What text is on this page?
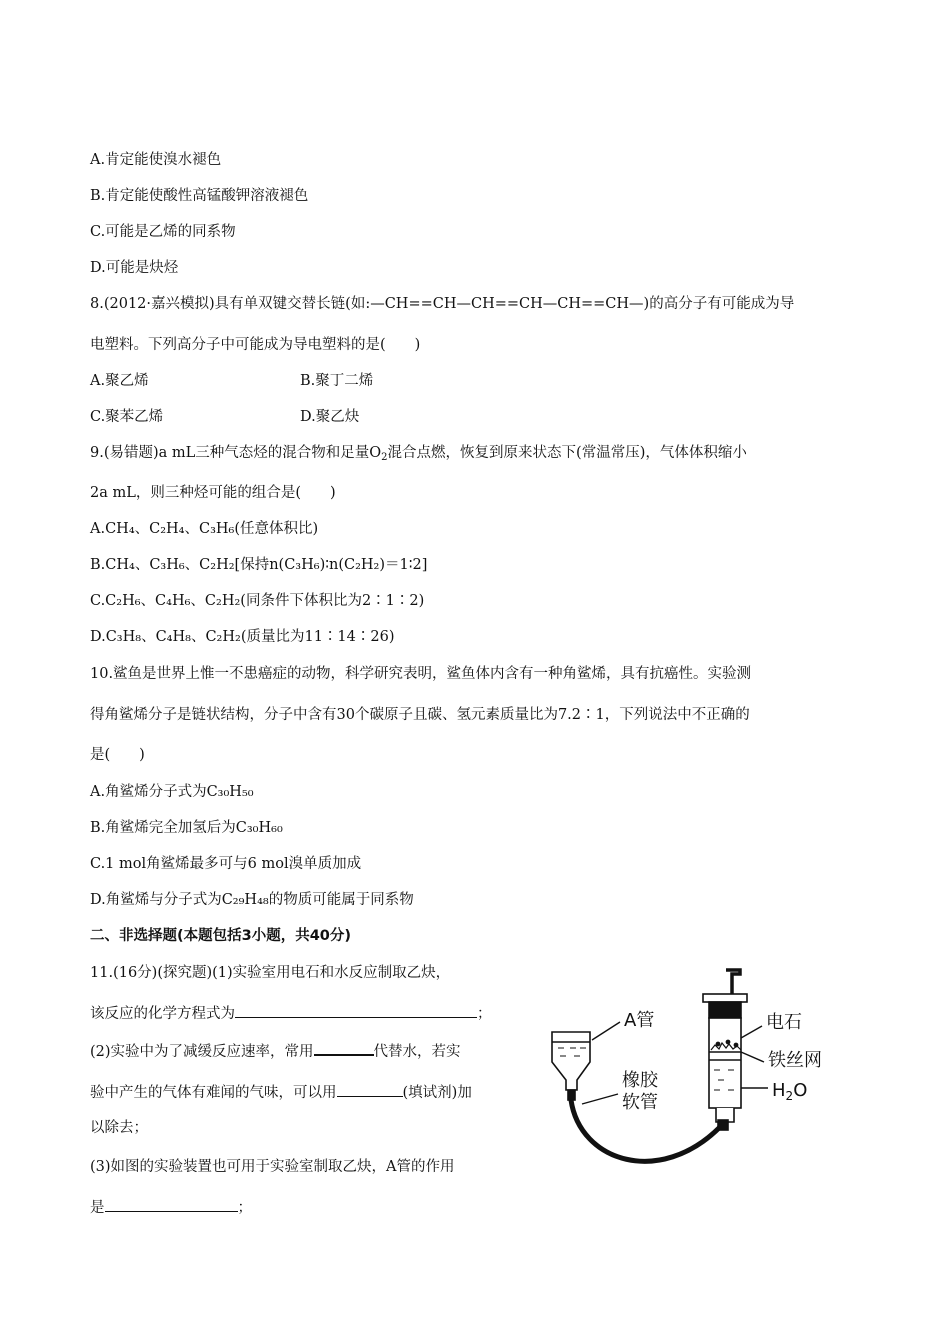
A.肯定能使溴水褪色
B.肯定能使酸性高锰酸钾溶液褪色
C.可能是乙烯的同系物
D.可能是炔烃
8.(2012·嘉兴模拟)具有单双键交替长链(如:—CH==CH—CH==CH—CH==CH—)的高分子有可能成为导
电塑料。下列高分子中可能成为导电塑料的是(　　)
A.聚乙烯	B.聚丁二烯
C.聚苯乙烯	D.聚乙炔
9.(易错题)a mL三种气态烃的混合物和足量$O_2$混合点燃，恢复到原来状态下(常温常压)，气体体积缩小
2a mL，则三种烃可能的组合是(　　)
A.CH₄、C₂H₄、C₃H₆(任意体积比)
B.CH₄、C₃H₆、C₂H₂[保持n(C₃H₆)∶n(C₂H₂)＝1∶2]
C.C₂H₆、C₄H₆、C₂H₂(同条件下体积比为2∶1∶2)
D.C₃H₈、C₄H₈、C₂H₂(质量比为11∶14∶26)
10.鲨鱼是世界上惟一不患癌症的动物，科学研究表明，鲨鱼体内含有一种角鲨烯，具有抗癌性。实验测
得角鲨烯分子是链状结构，分子中含有30个碳原子且碳、氢元素质量比为7.2∶1，下列说法中不正确的
是(　　)
A.角鲨烯分子式为C₃₀H₅₀
B.角鲨烯完全加氢后为C₃₀H₆₀
C.1 mol角鲨烯最多可与6 mol溴单质加成
D.角鲨烯与分子式为C₂₉H₄₈的物质可能属于同系物
二、非选择题(本题包括3小题，共40分)
11.(16分)(探究题)(1)实验室用电石和水反应制取乙炔，
该反应的化学方程式为	；
(2)实验中为了减缓反应速率，常用	代替水，若实
验中产生的气体有难闻的气味，可以用	(填试剂)加
以除去；
(3)如图的实验装置也可用于实验室制取乙炔，A管的作用
是	；
A管
橡胶
软管
电石
铁丝网
$H_2O$
